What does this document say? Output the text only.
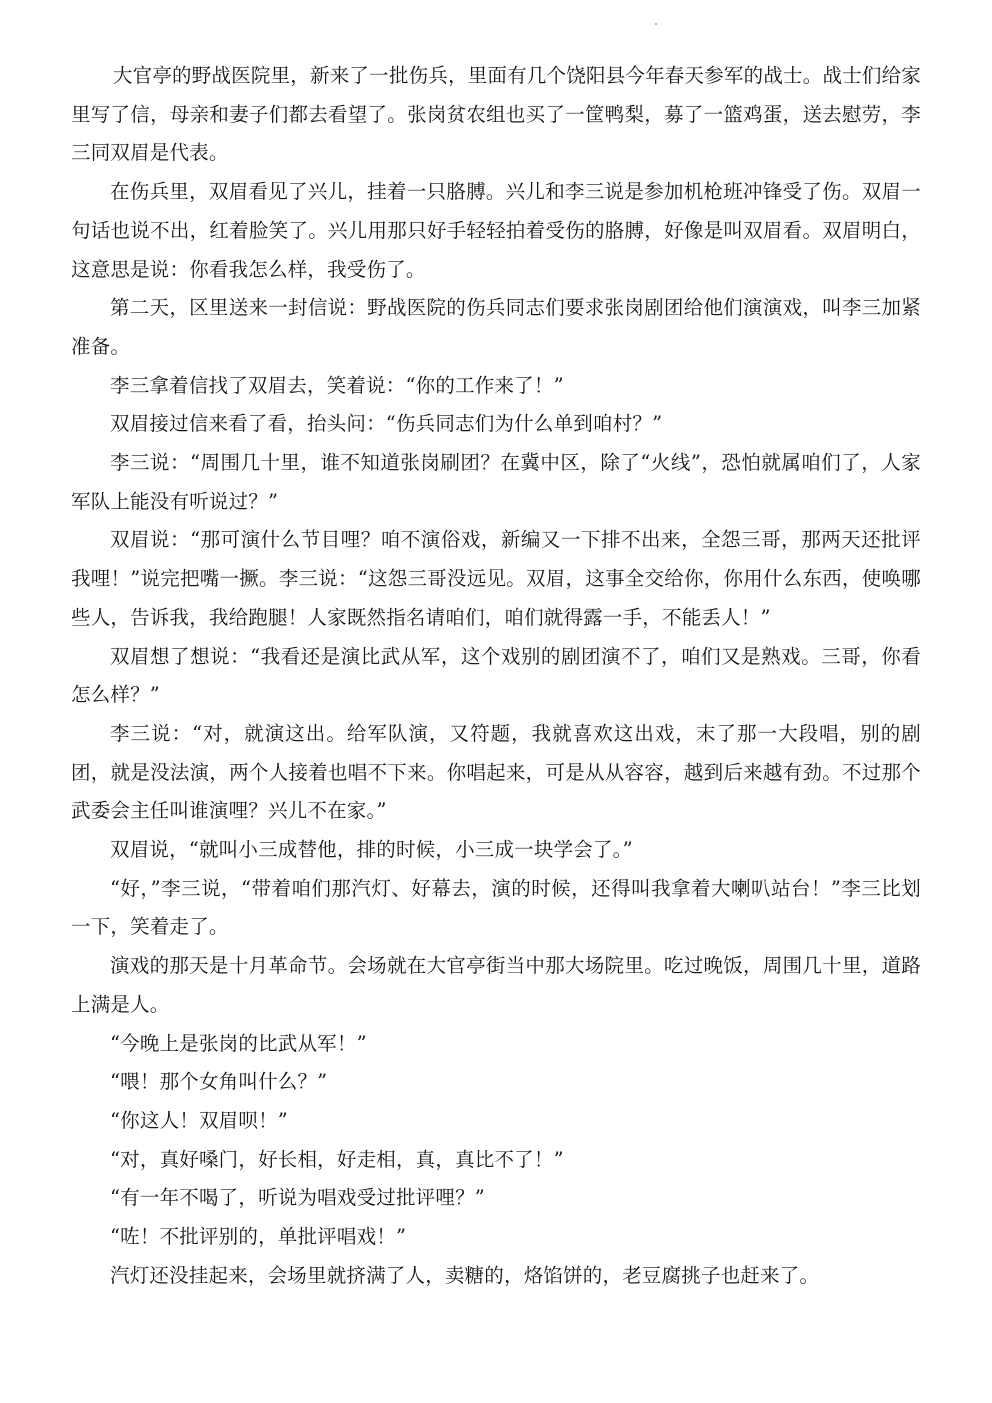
大官亭的野战医院里，新来了一批伤兵，里面有几个饶阳县今年春天参军的战士。战士们给家里写了信，母亲和妻子们都去看望了。张岗贫农组也买了一筐鸭梨，募了一篮鸡蛋，送去慰劳，李三同双眉是代表。

在伤兵里，双眉看见了兴儿，挂着一只胳膊。兴儿和李三说是参加机枪班冲锋受了伤。双眉一句话也说不出，红着脸笑了。兴儿用那只好手轻轻拍着受伤的胳膊，好像是叫双眉看。双眉明白，这意思是说：你看我怎么样，我受伤了。

第二天，区里送来一封信说：野战医院的伤兵同志们要求张岗剧团给他们演演戏，叫李三加紧准备。

李三拿着信找了双眉去，笑着说：“你的工作来了！”

双眉接过信来看了看，抬头问：“伤兵同志们为什么单到咱村？”

李三说：“周围几十里，谁不知道张岗刷团？在冀中区，除了“火线”，恐怕就属咱们了，人家军队上能没有听说过？”

双眉说：“那可演什么节目哩？咱不演俗戏，新编又一下排不出来，全怨三哥，那两天还批评我哩！”说完把嘴一撅。李三说：“这怨三哥没远见。双眉，这事全交给你，你用什么东西，使唤哪些人，告诉我，我给跑腿！人家既然指名请咱们，咱们就得露一手，不能丢人！”

双眉想了想说：“我看还是演比武从军，这个戏别的剧团演不了，咱们又是熟戏。三哥，你看怎么样？”

李三说：“对，就演这出。给军队演，又符题，我就喜欢这出戏，末了那一大段唱，别的剧团，就是没法演，两个人接着也唱不下来。你唱起来，可是从从容容，越到后来越有劲。不过那个武委会主任叫谁演哩？兴儿不在家。”

双眉说，“就叫小三成替他，排的时候，小三成一块学会了。”

“好，”李三说，“带着咱们那汽灯、好幕去，演的时候，还得叫我拿着大喇叭站台！”李三比划一下，笑着走了。

演戏的那天是十月革命节。会场就在大官亭街当中那大场院里。吃过晚饭，周围几十里，道路上满是人。

“今晚上是张岗的比武从军！”

“喂！那个女角叫什么？”

“你这人！双眉呗！”

“对，真好嗓门，好长相，好走相，真，真比不了！”

“有一年不喝了，听说为唱戏受过批评哩？”

“咗！不批评别的，单批评唱戏！”

汽灯还没挂起来，会场里就挤满了人，卖糖的，烙馅饼的，老豆腐挑子也赶来了。
